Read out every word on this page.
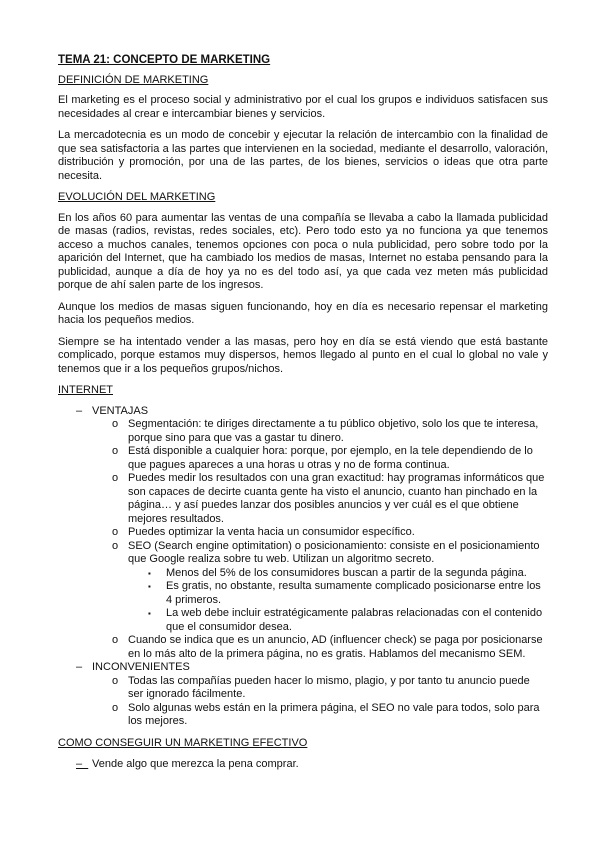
TEMA 21: CONCEPTO DE MARKETING

DEFINICIÓN DE MARKETING

El marketing es el proceso social y administrativo por el cual los grupos e individuos satisfacen sus necesidades al crear e intercambiar bienes y servicios.

La mercadotecnia es un modo de concebir y ejecutar la relación de intercambio con la finalidad de que sea satisfactoria a las partes que intervienen en la sociedad, mediante el desarrollo, valoración, distribución y promoción, por una de las partes, de los bienes, servicios o ideas que otra parte necesita.

EVOLUCIÓN DEL MARKETING

En los años 60 para aumentar las ventas de una compañía se llevaba a cabo la llamada publicidad de masas (radios, revistas, redes sociales, etc). Pero todo esto ya no funciona ya que tenemos acceso a muchos canales, tenemos opciones con poca o nula publicidad, pero sobre todo por la aparición del Internet, que ha cambiado los medios de masas, Internet no estaba pensando para la publicidad, aunque a día de hoy ya no es del todo así, ya que cada vez meten más publicidad porque de ahí salen parte de los ingresos.

Aunque los medios de masas siguen funcionando, hoy en día es necesario repensar el marketing hacia los pequeños medios.

Siempre se ha intentado vender a las masas, pero hoy en día se está viendo que está bastante complicado, porque estamos muy dispersos, hemos llegado al punto en el cual lo global no vale y tenemos que ir a los pequeños grupos/nichos.

INTERNET

– VENTAJAS
o Segmentación: te diriges directamente a tu público objetivo, solo los que te interesa, porque sino para que vas a gastar tu dinero.
o Está disponible a cualquier hora: porque, por ejemplo, en la tele dependiendo de lo que pagues apareces a una horas u otras y no de forma continua.
o Puedes medir los resultados con una gran exactitud: hay programas informáticos que son capaces de decirte cuanta gente ha visto el anuncio, cuanto han pinchado en la página… y así puedes lanzar dos posibles anuncios y ver cuál es el que obtiene mejores resultados.
o Puedes optimizar la venta hacia un consumidor específico.
o SEO (Search engine optimitation) o posicionamiento: consiste en el posicionamiento que Google realiza sobre tu web. Utilizan un algoritmo secreto.
▪ Menos del 5% de los consumidores buscan a partir de la segunda página.
▪ Es gratis, no obstante, resulta sumamente complicado posicionarse entre los 4 primeros.
▪ La web debe incluir estratégicamente palabras relacionadas con el contenido que el consumidor desea.
o Cuando se indica que es un anuncio, AD (influencer check) se paga por posicionarse en lo más alto de la primera página, no es gratis. Hablamos del mecanismo SEM.
– INCONVENIENTES
o Todas las compañías pueden hacer lo mismo, plagio, y por tanto tu anuncio puede ser ignorado fácilmente.
o Solo algunas webs están en la primera página, el SEO no vale para todos, solo para los mejores.

COMO CONSEGUIR UN MARKETING EFECTIVO

– Vende algo que merezca la pena comprar.
